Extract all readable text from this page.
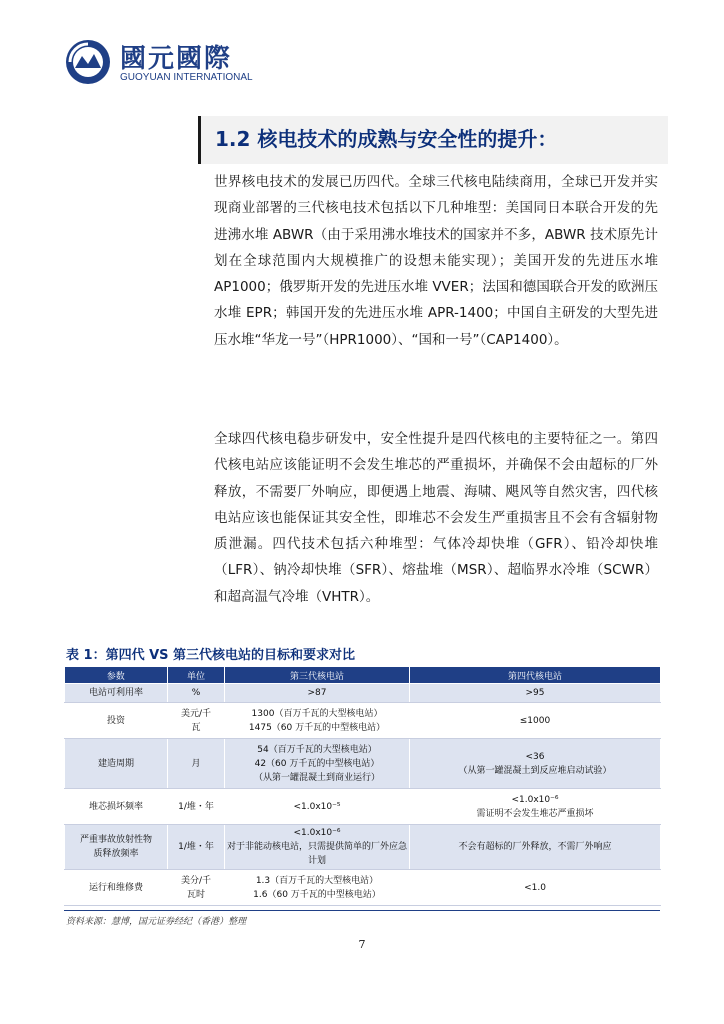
國元國際
GUOYUAN INTERNATIONAL
1.2 核电技术的成熟与安全性的提升：
世界核电技术的发展已历四代。全球三代核电陆续商用，全球已开发并实现商业部署的三代核电技术包括以下几种堆型：美国同日本联合开发的先进沸水堆 ABWR（由于采用沸水堆技术的国家并不多，ABWR 技术原先计划在全球范围内大规模推广的设想未能实现）；美国开发的先进压水堆 AP1000；俄罗斯开发的先进压水堆 VVER；法国和德国联合开发的欧洲压水堆 EPR；韩国开发的先进压水堆 APR-1400；中国自主研发的大型先进压水堆“华龙一号”（HPR1000）、“国和一号”（CAP1400）。
全球四代核电稳步研发中，安全性提升是四代核电的主要特征之一。第四代核电站应该能证明不会发生堆芯的严重损坏，并确保不会由超标的厂外释放，不需要厂外响应，即便遇上地震、海啸、飓风等自然灾害，四代核电站应该也能保证其安全性，即堆芯不会发生严重损害且不会有含辐射物质泄漏。四代技术包括六种堆型：气体冷却快堆（GFR）、铅冷却快堆（LFR）、钠冷却快堆（SFR）、熔盐堆（MSR）、超临界水冷堆（SCWR）和超高温气冷堆（VHTR）。
表 1：第四代 VS 第三代核电站的目标和要求对比
参数	单位	第三代核电站	第四代核电站

电站可利用率	%	>87	>95

投资	美元/千
瓦	1300（百万千瓦的大型核电站）
1475（60 万千瓦的中型核电站）	≤1000

建造周期	月	54（百万千瓦的大型核电站）
42（60 万千瓦的中型核电站）
（从第一罐混凝土到商业运行）	<36
（从第一罐混凝土到反应堆启动试验）

堆芯损坏频率	1/堆・年	<1.0x10⁻⁵	<1.0x10⁻⁶
需证明不会发生堆芯严重损坏

严重事故放射性物
质释放频率	1/堆・年	<1.0x10⁻⁶
对于非能动核电站，只需提供简单的厂外应急计划	不会有超标的厂外释放，不需厂外响应

运行和维修费	美分/千
瓦时	1.3（百万千瓦的大型核电站）
1.6（60 万千瓦的中型核电站）	<1.0
资料来源：慧博，国元证券经纪（香港）整理
7
